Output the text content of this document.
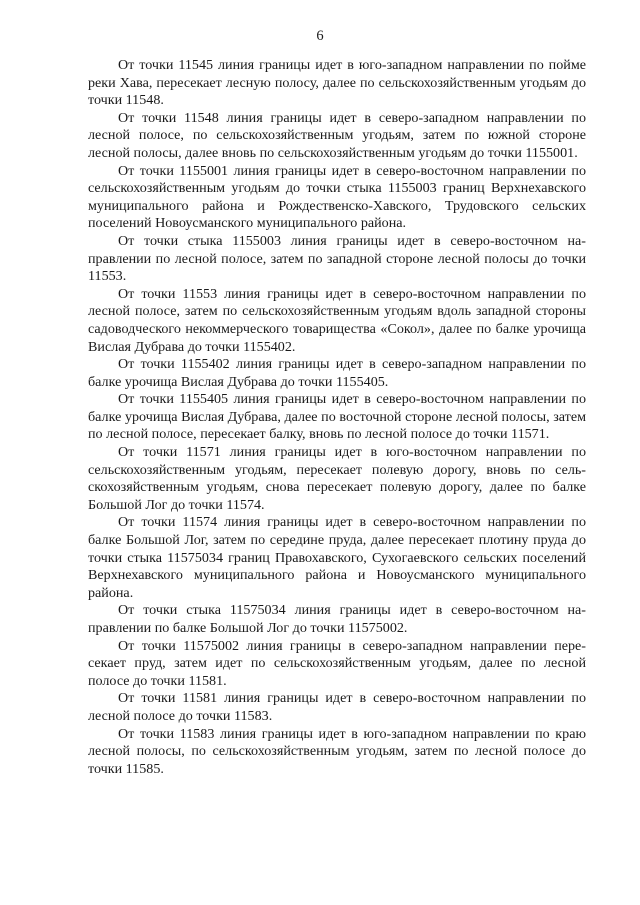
6

От точки 11545 линия границы идет в юго-западном направлении по пойме реки Хава, пересекает лесную полосу, далее по сельскохозяйственным угодьям до точки 11548.

От точки 11548 линия границы идет в северо-западном направлении по лесной полосе, по сельскохозяйственным угодьям, затем по южной стороне лесной полосы, далее вновь по сельскохозяйственным угодьям до точки 1155001.

От точки 1155001 линия границы идет в северо-восточном направлении по сельскохозяйственным угодьям до точки стыка 1155003 границ Верхнехавского муниципального района и Рождественско-Хавского, Трудовского сельских поселений Новоусманского муниципального района.

От точки стыка 1155003 линия границы идет в северо-восточном направлении по лесной полосе, затем по западной стороне лесной полосы до точки 11553.

От точки 11553 линия границы идет в северо-восточном направлении по лесной полосе, затем по сельскохозяйственным угодьям вдоль западной стороны садоводческого некоммерческого товарищества «Сокол», далее по балке урочища Вислая Дубрава до точки 1155402.

От точки 1155402 линия границы идет в северо-западном направлении по балке урочища Вислая Дубрава до точки 1155405.

От точки 1155405 линия границы идет в северо-восточном направлении по балке урочища Вислая Дубрава, далее по восточной стороне лесной полосы, затем по лесной полосе, пересекает балку, вновь по лесной полосе до точки 11571.

От точки 11571 линия границы идет в юго-восточном направлении по сельскохозяйственным угодьям, пересекает полевую дорогу, вновь по сельскохозяйственным угодьям, снова пересекает полевую дорогу, далее по балке Большой Лог до точки 11574.

От точки 11574 линия границы идет в северо-восточном направлении по балке Большой Лог, затем по середине пруда, далее пересекает плотину пруда до точки стыка 11575034 границ Правохавского, Сухогаевского сельских поселений Верхнехавского муниципального района и Новоусманского муниципального района.

От точки стыка 11575034 линия границы идет в северо-восточном направлении по балке Большой Лог до точки 11575002.

От точки 11575002 линия границы в северо-западном направлении пересекает пруд, затем идет по сельскохозяйственным угодьям, далее по лесной полосе до точки 11581.

От точки 11581 линия границы идет в северо-восточном направлении по лесной полосе до точки 11583.

От точки 11583 линия границы идет в юго-западном направлении по краю лесной полосы, по сельскохозяйственным угодьям, затем по лесной полосе до точки 11585.
